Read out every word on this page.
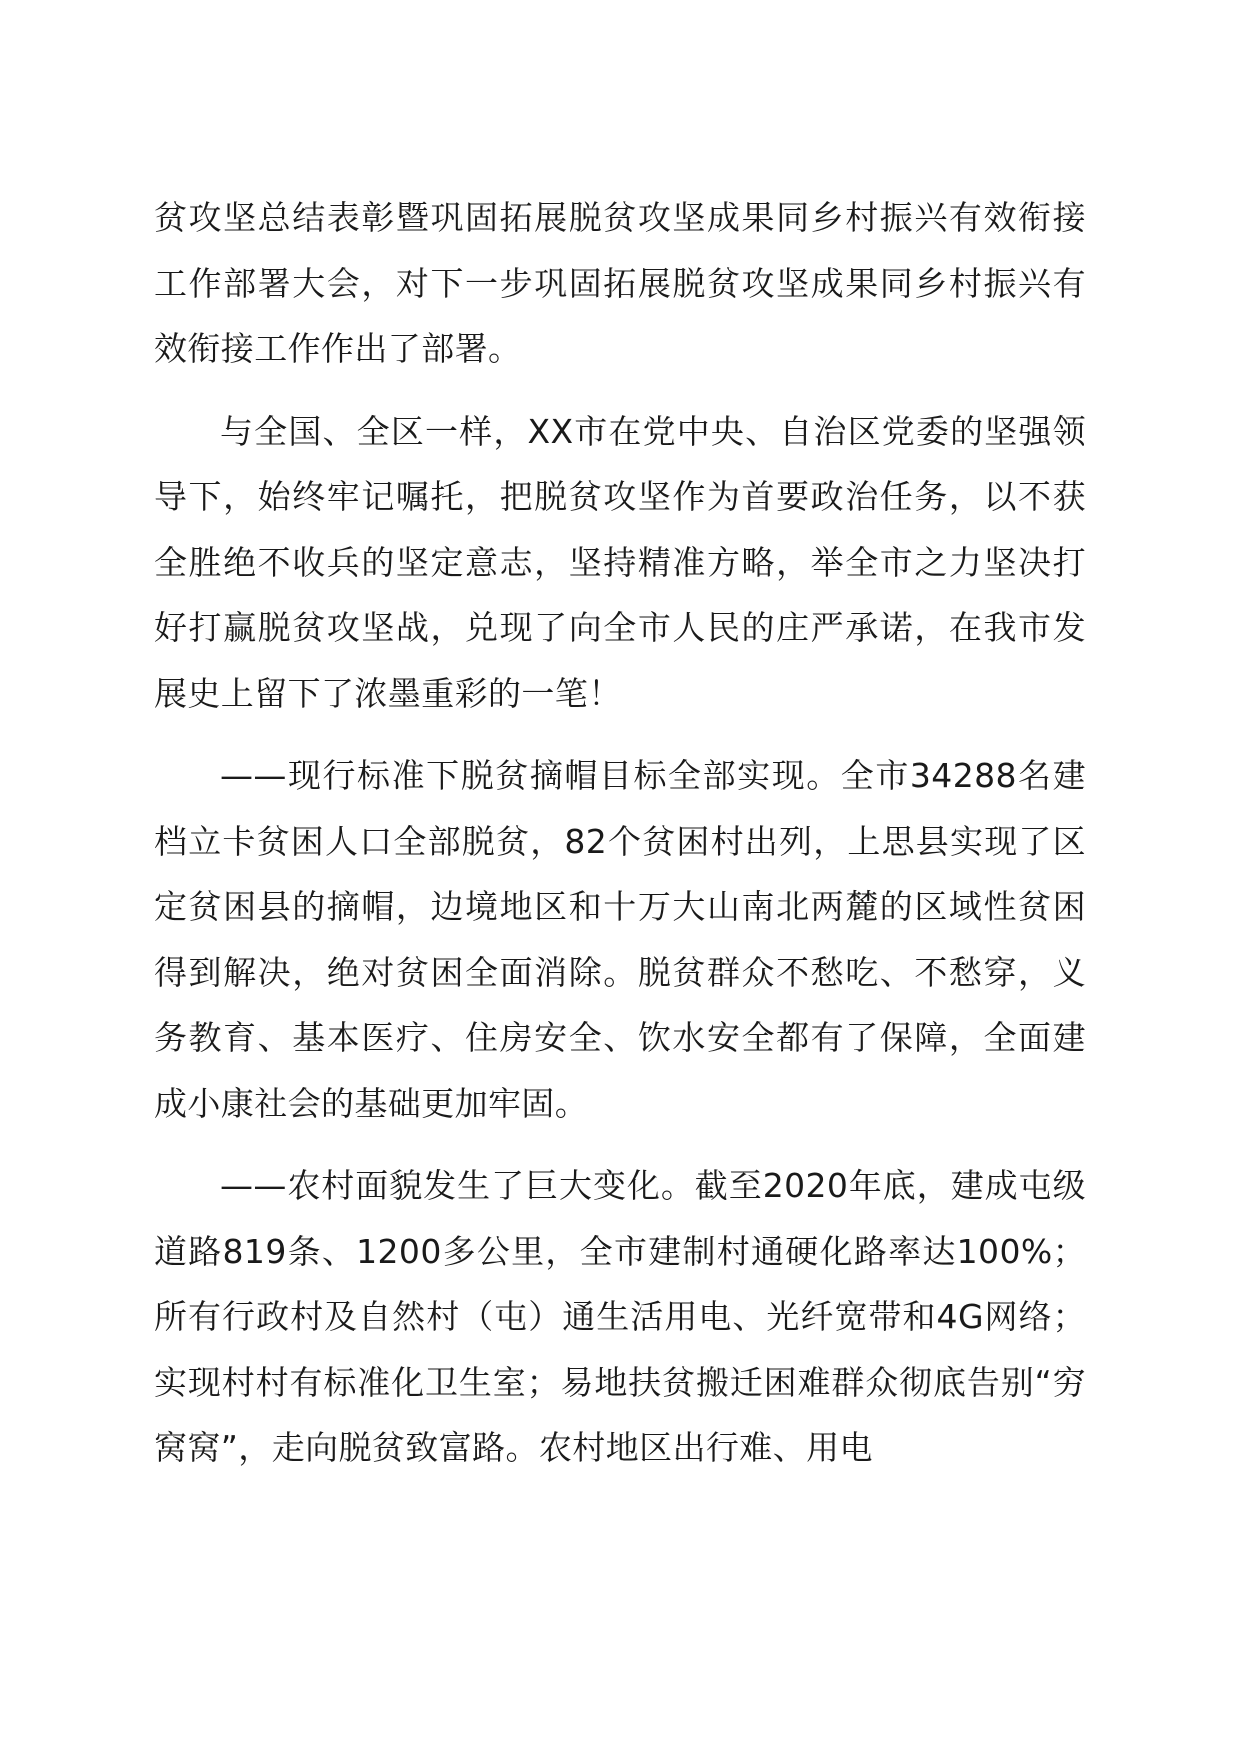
贫攻坚总结表彰暨巩固拓展脱贫攻坚成果同乡村振兴有效衔接工作部署大会，对下一步巩固拓展脱贫攻坚成果同乡村振兴有效衔接工作作出了部署。

与全国、全区一样，XX市在党中央、自治区党委的坚强领导下，始终牢记嘱托，把脱贫攻坚作为首要政治任务，以不获全胜绝不收兵的坚定意志，坚持精准方略，举全市之力坚决打好打赢脱贫攻坚战，兑现了向全市人民的庄严承诺，在我市发展史上留下了浓墨重彩的一笔！

——现行标准下脱贫摘帽目标全部实现。全市34288名建档立卡贫困人口全部脱贫，82个贫困村出列，上思县实现了区定贫困县的摘帽，边境地区和十万大山南北两麓的区域性贫困得到解决，绝对贫困全面消除。脱贫群众不愁吃、不愁穿，义务教育、基本医疗、住房安全、饮水安全都有了保障，全面建成小康社会的基础更加牢固。

——农村面貌发生了巨大变化。截至2020年底，建成屯级道路819条、1200多公里，全市建制村通硬化路率达100%；所有行政村及自然村（屯）通生活用电、光纤宽带和4G网络；实现村村有标准化卫生室；易地扶贫搬迁困难群众彻底告别“穷窝窝”，走向脱贫致富路。农村地区出行难、用电
